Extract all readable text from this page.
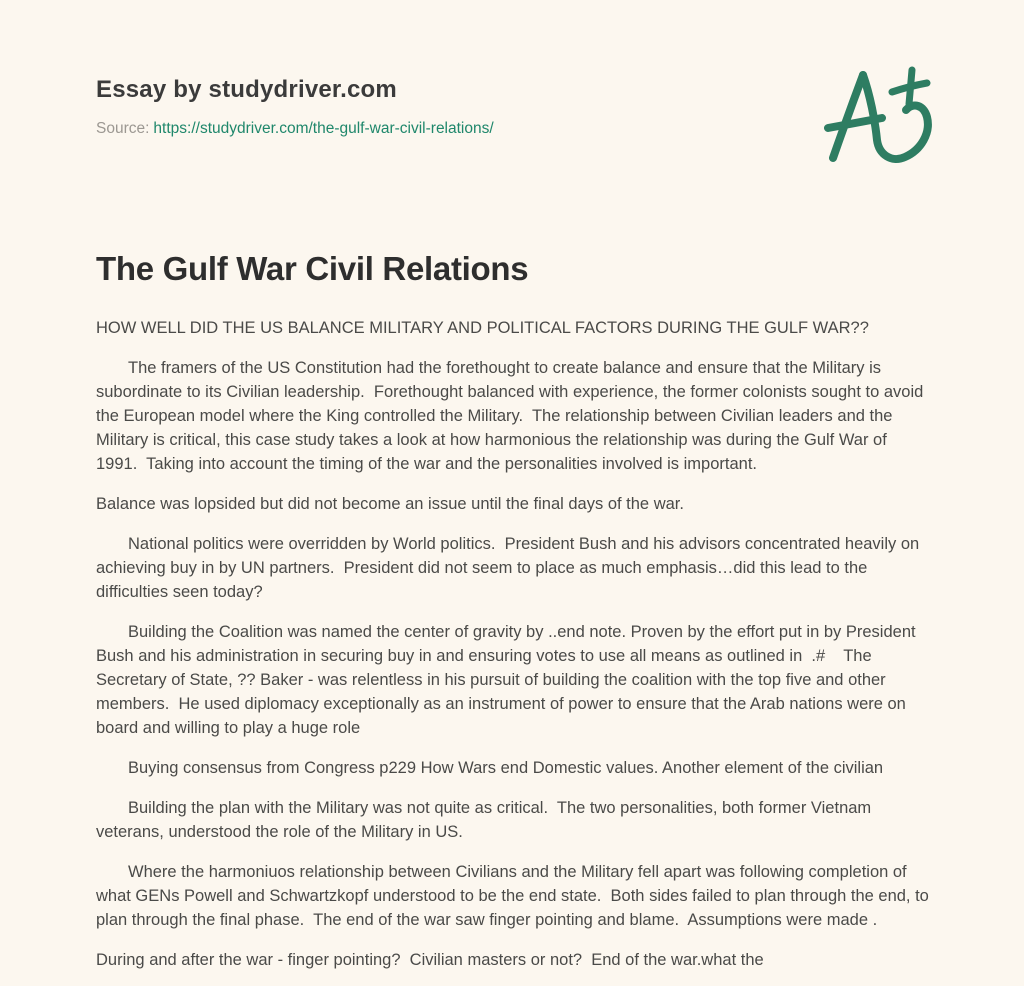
Essay by studydriver.com
Source: https://studydriver.com/the-gulf-war-civil-relations/
The Gulf War Civil Relations
HOW WELL DID THE US BALANCE MILITARY AND POLITICAL FACTORS DURING THE GULF WAR??

The framers of the US Constitution had the forethought to create balance and ensure that the Military is subordinate to its Civilian leadership.  Forethought balanced with experience, the former colonists sought to avoid the European model where the King controlled the Military.  The relationship between Civilian leaders and the Military is critical, this case study takes a look at how harmonious the relationship was during the Gulf War of 1991.  Taking into account the timing of the war and the personalities involved is important.

Balance was lopsided but did not become an issue until the final days of the war.

National politics were overridden by World politics.  President Bush and his advisors concentrated heavily on achieving buy in by UN partners.  President did not seem to place as much emphasis…did this lead to the difficulties seen today?

Building the Coalition was named the center of gravity by ..end note. Proven by the effort put in by President Bush and his administration in securing buy in and ensuring votes to use all means as outlined in  .#    The Secretary of State, ?? Baker - was relentless in his pursuit of building the coalition with the top five and other members.  He used diplomacy exceptionally as an instrument of power to ensure that the Arab nations were on board and willing to play a huge role

Buying consensus from Congress p229 How Wars end Domestic values. Another element of the civilian

Building the plan with the Military was not quite as critical.  The two personalities, both former Vietnam veterans, understood the role of the Military in US.

Where the harmoniuos relationship between Civilians and the Military fell apart was following completion of what GENs Powell and Schwartzkopf understood to be the end state.  Both sides failed to plan through the end, to plan through the final phase.  The end of the war saw finger pointing and blame.  Assumptions were made .

During and after the war - finger pointing?  Civilian masters or not?  End of the war.what the
